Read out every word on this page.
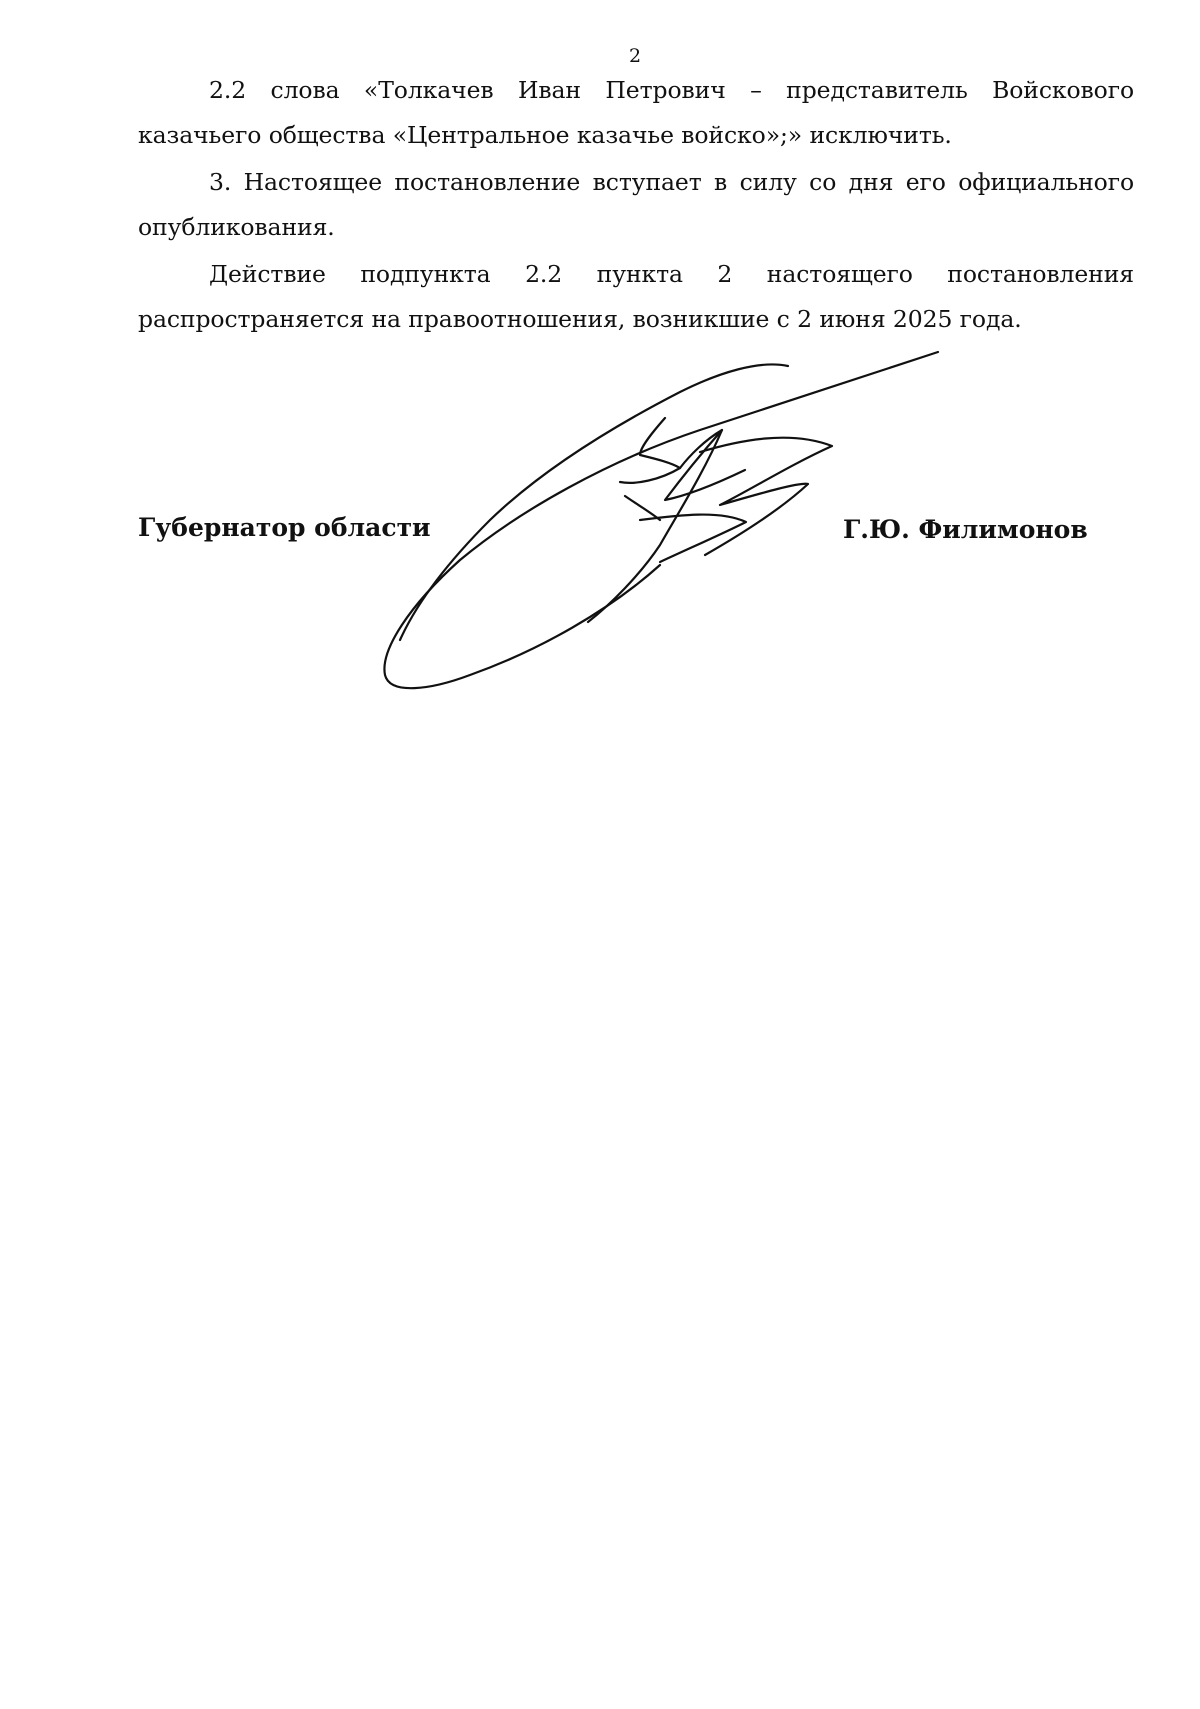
2

2.2 слова «Толкачев Иван Петрович – представитель Войскового казачьего общества «Центральное казачье войско»;» исключить.

3. Настоящее постановление вступает в силу со дня его официального опубликования.

Действие подпункта 2.2 пункта 2 настоящего постановления распространяется на правоотношения, возникшие с 2 июня 2025 года.

Губернатор области	Г.Ю. Филимонов
